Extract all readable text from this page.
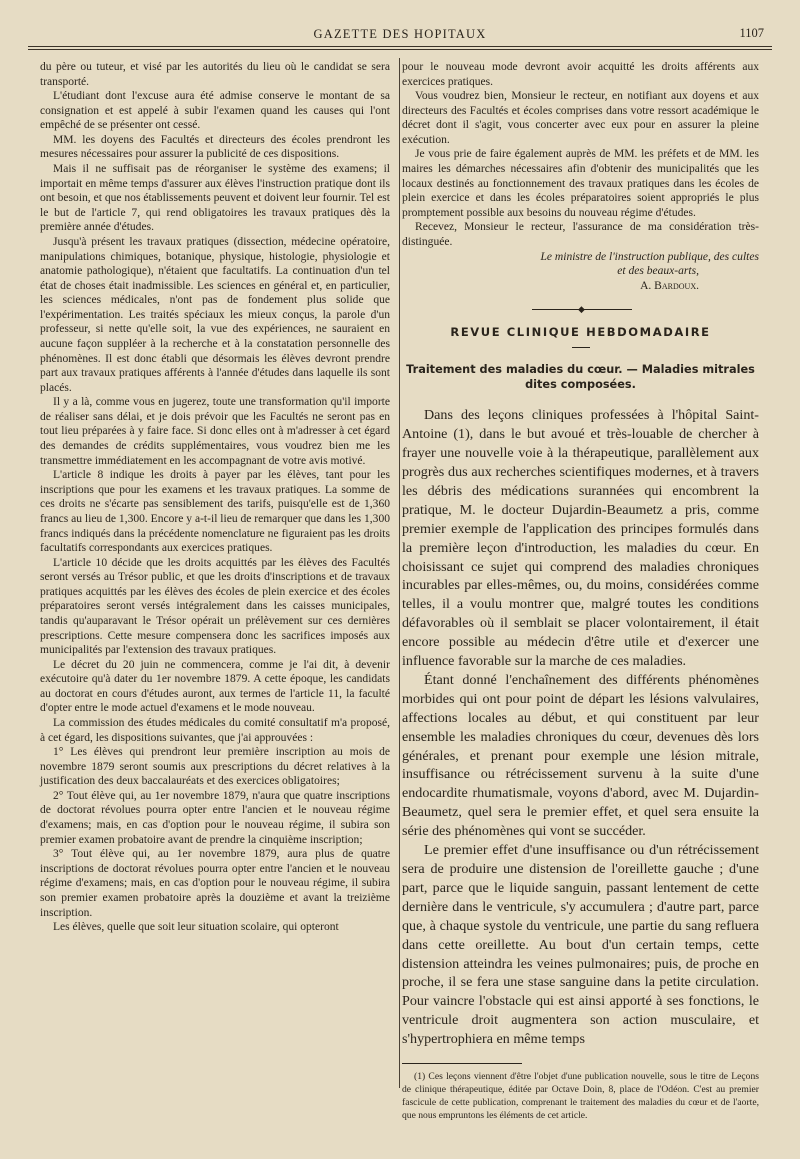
GAZETTE DES HOPITAUX	1107

du père ou tuteur, et visé par les autorités du lieu où le candidat se sera transporté.

L'étudiant dont l'excuse aura été admise conserve le montant de sa consignation et est appelé à subir l'examen quand les causes qui l'ont empêché de se présenter ont cessé.

MM. les doyens des Facultés et directeurs des écoles prendront les mesures nécessaires pour assurer la publicité de ces dispositions.

Mais il ne suffisait pas de réorganiser le système des examens; il importait en même temps d'assurer aux élèves l'instruction pratique dont ils ont besoin, et que nos établissements peuvent et doivent leur fournir. Tel est le but de l'article 7, qui rend obligatoires les travaux pratiques dès la première année d'études.

Jusqu'à présent les travaux pratiques (dissection, médecine opératoire, manipulations chimiques, botanique, physique, histologie, physiologie et anatomie pathologique), n'étaient que facultatifs. La continuation d'un tel état de choses était inadmissible. Les sciences en général et, en particulier, les sciences médicales, n'ont pas de fondement plus solide que l'expérimentation. Les traités spéciaux les mieux conçus, la parole d'un professeur, si nette qu'elle soit, la vue des expériences, ne sauraient en aucune façon suppléer à la recherche et à la constatation personnelle des phénomènes. Il est donc établi que désormais les élèves devront prendre part aux travaux pratiques afférents à l'année d'études dans laquelle ils sont placés.

Il y a là, comme vous en jugerez, toute une transformation qu'il importe de réaliser sans délai, et je dois prévoir que les Facultés ne seront pas en tout lieu préparées à y faire face. Si donc elles ont à m'adresser à cet égard des demandes de crédits supplémentaires, vous voudrez bien me les transmettre immédiatement en les accompagnant de votre avis motivé.

L'article 8 indique les droits à payer par les élèves, tant pour les inscriptions que pour les examens et les travaux pratiques. La somme de ces droits ne s'écarte pas sensiblement des tarifs, puisqu'elle est de 1,360 francs au lieu de 1,300. Encore y a-t-il lieu de remarquer que dans les 1,300 francs indiqués dans la précédente nomenclature ne figuraient pas les droits facultatifs correspondants aux exercices pratiques.

L'article 10 décide que les droits acquittés par les élèves des Facultés seront versés au Trésor public, et que les droits d'inscriptions et de travaux pratiques acquittés par les élèves des écoles de plein exercice et des écoles préparatoires seront versés intégralement dans les caisses municipales, tandis qu'auparavant le Trésor opérait un prélèvement sur ces dernières prescriptions. Cette mesure compensera donc les sacrifices imposés aux municipalités par l'extension des travaux pratiques.

Le décret du 20 juin ne commencera, comme je l'ai dit, à devenir exécutoire qu'à dater du 1er novembre 1879. A cette époque, les candidats au doctorat en cours d'études auront, aux termes de l'article 11, la faculté d'opter entre le mode actuel d'examens et le mode nouveau.

La commission des études médicales du comité consultatif m'a proposé, à cet égard, les dispositions suivantes, que j'ai approuvées :

1° Les élèves qui prendront leur première inscription au mois de novembre 1879 seront soumis aux prescriptions du décret relatives à la justification des deux baccalauréats et des exercices obligatoires;

2° Tout élève qui, au 1er novembre 1879, n'aura que quatre inscriptions de doctorat révolues pourra opter entre l'ancien et le nouveau régime d'examens; mais, en cas d'option pour le nouveau régime, il subira son premier examen probatoire avant de prendre la cinquième inscription;

3° Tout élève qui, au 1er novembre 1879, aura plus de quatre inscriptions de doctorat révolues pourra opter entre l'ancien et le nouveau régime d'examens; mais, en cas d'option pour le nouveau régime, il subira son premier examen probatoire après la douzième et avant la treizième inscription.

Les élèves, quelle que soit leur situation scolaire, qui opteront

pour le nouveau mode devront avoir acquitté les droits afférents aux exercices pratiques.

Vous voudrez bien, Monsieur le recteur, en notifiant aux doyens et aux directeurs des Facultés et écoles comprises dans votre ressort académique le décret dont il s'agit, vous concerter avec eux pour en assurer la pleine exécution.

Je vous prie de faire également auprès de MM. les préfets et de MM. les maires les démarches nécessaires afin d'obtenir des municipalités que les locaux destinés au fonctionnement des travaux pratiques dans les écoles de plein exercice et dans les écoles préparatoires soient appropriés le plus promptement possible aux besoins du nouveau régime d'études.

Recevez, Monsieur le recteur, l'assurance de ma considération très-distinguée.

Le ministre de l'instruction publique, des cultes

et des beaux-arts,

A. Bardoux.

◆
REVUE CLINIQUE HEBDOMADAIRE
Traitement des maladies du cœur. — Maladies mitrales
dites composées.

Dans des leçons cliniques professées à l'hôpital Saint-Antoine (1), dans le but avoué et très-louable de chercher à frayer une nouvelle voie à la thérapeutique, parallèlement aux progrès dus aux recherches scientifiques modernes, et à travers les débris des médications surannées qui encombrent la pratique, M. le docteur Dujardin-Beaumetz a pris, comme premier exemple de l'application des principes formulés dans la première leçon d'introduction, les maladies du cœur. En choisissant ce sujet qui comprend des maladies chroniques incurables par elles-mêmes, ou, du moins, considérées comme telles, il a voulu montrer que, malgré toutes les conditions défavorables où il semblait se placer volontairement, il était encore possible au médecin d'être utile et d'exercer une influence favorable sur la marche de ces maladies.

Étant donné l'enchaînement des différents phénomènes morbides qui ont pour point de départ les lésions valvulaires, affections locales au début, et qui constituent par leur ensemble les maladies chroniques du cœur, devenues dès lors générales, et prenant pour exemple une lésion mitrale, insuffisance ou rétrécissement survenu à la suite d'une endocardite rhumatismale, voyons d'abord, avec M. Dujardin-Beaumetz, quel sera le premier effet, et quel sera ensuite la série des phénomènes qui vont se succéder.

Le premier effet d'une insuffisance ou d'un rétrécissement sera de produire une distension de l'oreillette gauche ; d'une part, parce que le liquide sanguin, passant lentement de cette dernière dans le ventricule, s'y accumulera ; d'autre part, parce que, à chaque systole du ventricule, une partie du sang refluera dans cette oreillette. Au bout d'un certain temps, cette distension atteindra les veines pulmonaires; puis, de proche en proche, il se fera une stase sanguine dans la petite circulation. Pour vaincre l'obstacle qui est ainsi apporté à ses fonctions, le ventricule droit augmentera son action musculaire, et s'hypertrophiera en même temps

(1) Ces leçons viennent d'être l'objet d'une publication nouvelle, sous le titre de Leçons de clinique thérapeutique, éditée par Octave Doin, 8, place de l'Odéon. C'est au premier fascicule de cette publication, comprenant le traitement des maladies du cœur et de l'aorte, que nous empruntons les éléments de cet article.
